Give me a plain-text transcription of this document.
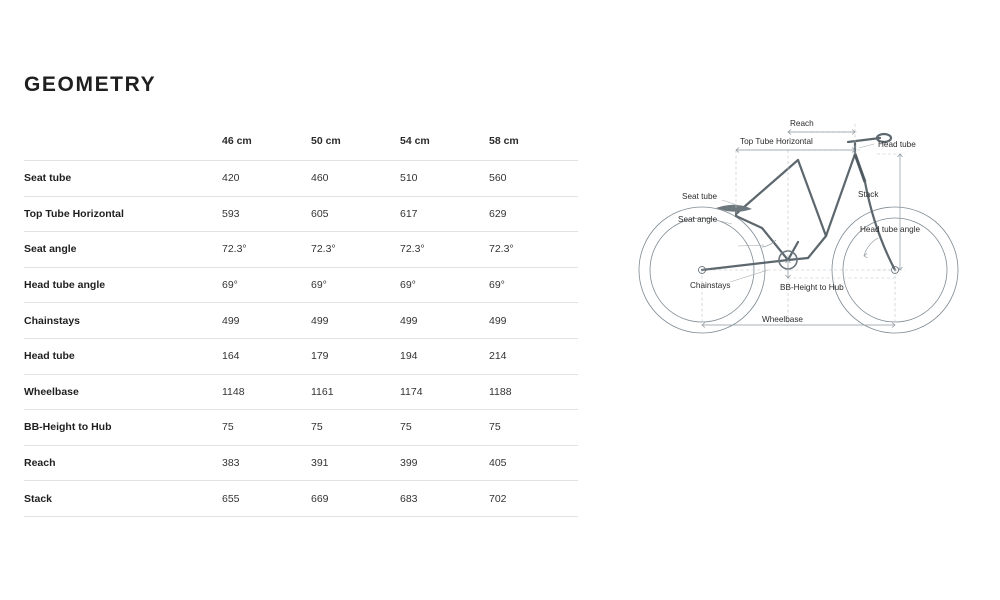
GEOMETRY
	46 cm	50 cm	54 cm	58 cm
Seat tube	420	460	510	560
Top Tube Horizontal	593	605	617	629
Seat angle	72.3°	72.3°	72.3°	72.3°
Head tube angle	69°	69°	69°	69°
Chainstays	499	499	499	499
Head tube	164	179	194	214
Wheelbase	1148	1161	1174	1188
BB-Height to Hub	75	75	75	75
Reach	383	391	399	405
Stack	655	669	683	702
Reach
Top Tube Horizontal	Head tube
Stack
Seat tube
Seat angle
Head tube angle
Chainstays	BB-Height to Hub
Wheelbase
